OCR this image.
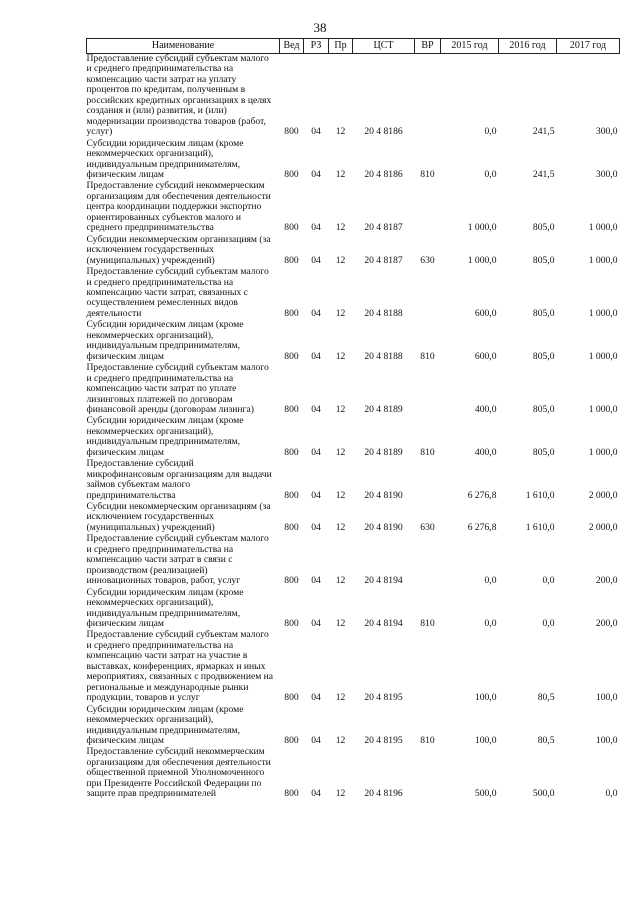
38
Наименование	Вед	РЗ	Пр	ЦСТ	ВР	2015 год	2016 год	2017 год
Предоставление субсидий субъектам малого и среднего предпринимательства на компенсацию части затрат на уплату процентов по кредитам, полученным в российских кредитных организациях в целях создания и (или) развития, и (или) модернизации производства товаров (работ, услуг)	800	04	12	20 4 8186		0,0	241,5	300,0
Субсидии юридическим лицам (кроме некоммерческих организаций), индивидуальным предпринимателям, физическим лицам	800	04	12	20 4 8186	810	0,0	241,5	300,0
Предоставление субсидий некоммерческим организациям для обеспечения деятельности центра координации поддержки экспортно ориентированных субъектов малого и среднего предпринимательства	800	04	12	20 4 8187		1 000,0	805,0	1 000,0
Субсидии некоммерческим организациям (за исключением государственных (муниципальных) учреждений)	800	04	12	20 4 8187	630	1 000,0	805,0	1 000,0
Предоставление субсидий субъектам малого и среднего предпринимательства на компенсацию части затрат, связанных с осуществлением ремесленных видов деятельности	800	04	12	20 4 8188		600,0	805,0	1 000,0
Субсидии юридическим лицам (кроме некоммерческих организаций), индивидуальным предпринимателям, физическим лицам	800	04	12	20 4 8188	810	600,0	805,0	1 000,0
Предоставление субсидий субъектам малого и среднего предпринимательства на компенсацию части затрат по уплате лизинговых платежей по договорам финансовой аренды (договорам лизинга)	800	04	12	20 4 8189		400,0	805,0	1 000,0
Субсидии юридическим лицам (кроме некоммерческих организаций), индивидуальным предпринимателям, физическим лицам	800	04	12	20 4 8189	810	400,0	805,0	1 000,0
Предоставление субсидий микрофинансовым организациям для выдачи займов субъектам малого предпринимательства	800	04	12	20 4 8190		6 276,8	1 610,0	2 000,0
Субсидии некоммерческим организациям (за исключением государственных (муниципальных) учреждений)	800	04	12	20 4 8190	630	6 276,8	1 610,0	2 000,0
Предоставление субсидий субъектам малого и среднего предпринимательства на компенсацию части затрат в связи с производством (реализацией) инновационных товаров, работ, услуг	800	04	12	20 4 8194		0,0	0,0	200,0
Субсидии юридическим лицам (кроме некоммерческих организаций), индивидуальным предпринимателям, физическим лицам	800	04	12	20 4 8194	810	0,0	0,0	200,0
Предоставление субсидий субъектам малого и среднего предпринимательства на компенсацию части затрат на участие в выставках, конференциях, ярмарках и иных мероприятиях, связанных с продвижением на региональные и международные рынки продукции, товаров и услуг	800	04	12	20 4 8195		100,0	80,5	100,0
Субсидии юридическим лицам (кроме некоммерческих организаций), индивидуальным предпринимателям, физическим лицам	800	04	12	20 4 8195	810	100,0	80,5	100,0
Предоставление субсидий некоммерческим организациям для обеспечения деятельности общественной приемной Уполномоченного при Президенте Российской Федерации по защите прав предпринимателей	800	04	12	20 4 8196		500,0	500,0	0,0
